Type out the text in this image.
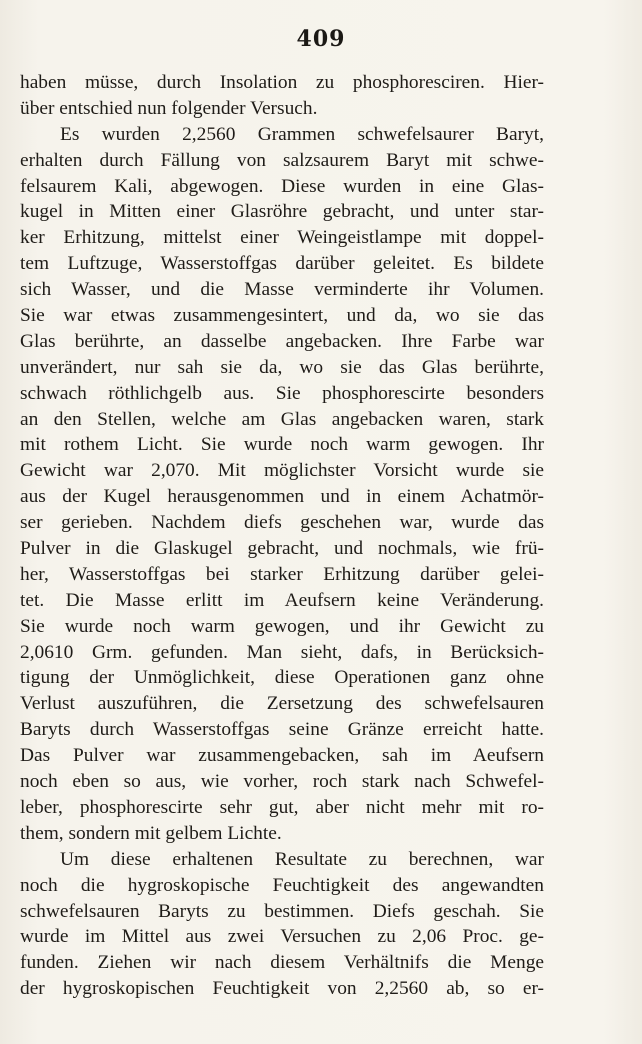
409
haben müsse, durch Insolation zu phosphoresciren. Hier-
über entschied nun folgender Versuch.
Es wurden 2,2560 Grammen schwefelsaurer Baryt,
erhalten durch Fällung von salzsaurem Baryt mit schwe-
felsaurem Kali, abgewogen. Diese wurden in eine Glas-
kugel in Mitten einer Glasröhre gebracht, und unter star-
ker Erhitzung, mittelst einer Weingeistlampe mit doppel-
tem Luftzuge, Wasserstoffgas darüber geleitet. Es bildete
sich Wasser, und die Masse verminderte ihr Volumen.
Sie war etwas zusammengesintert, und da, wo sie das
Glas berührte, an dasselbe angebacken. Ihre Farbe war
unverändert, nur sah sie da, wo sie das Glas berührte,
schwach röthlichgelb aus. Sie phosphorescirte besonders
an den Stellen, welche am Glas angebacken waren, stark
mit rothem Licht. Sie wurde noch warm gewogen. Ihr
Gewicht war 2,070. Mit möglichster Vorsicht wurde sie
aus der Kugel herausgenommen und in einem Achatmör-
ser gerieben. Nachdem diefs geschehen war, wurde das
Pulver in die Glaskugel gebracht, und nochmals, wie frü-
her, Wasserstoffgas bei starker Erhitzung darüber gelei-
tet. Die Masse erlitt im Aeufsern keine Veränderung.
Sie wurde noch warm gewogen, und ihr Gewicht zu
2,0610 Grm. gefunden. Man sieht, dafs, in Berücksich-
tigung der Unmöglichkeit, diese Operationen ganz ohne
Verlust auszuführen, die Zersetzung des schwefelsauren
Baryts durch Wasserstoffgas seine Gränze erreicht hatte.
Das Pulver war zusammengebacken, sah im Aeufsern
noch eben so aus, wie vorher, roch stark nach Schwefel-
leber, phosphorescirte sehr gut, aber nicht mehr mit ro-
them, sondern mit gelbem Lichte.
Um diese erhaltenen Resultate zu berechnen, war
noch die hygroskopische Feuchtigkeit des angewandten
schwefelsauren Baryts zu bestimmen. Diefs geschah. Sie
wurde im Mittel aus zwei Versuchen zu 2,06 Proc. ge-
funden. Ziehen wir nach diesem Verhältnifs die Menge
der hygroskopischen Feuchtigkeit von 2,2560 ab, so er-
